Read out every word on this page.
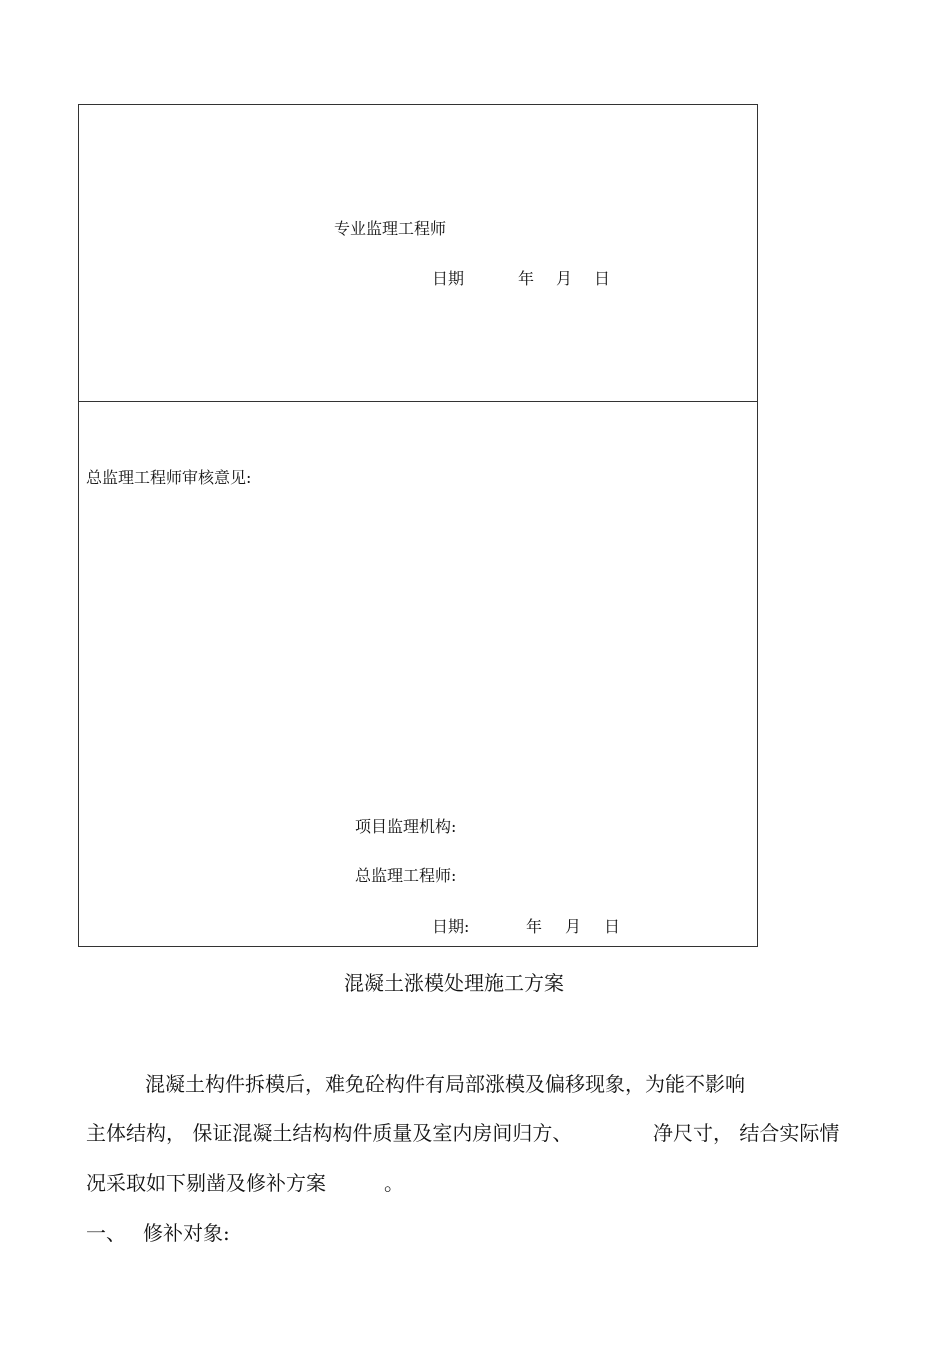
专业监理工程师
日期	年 月 日
总监理工程师审核意见:
项目监理机构:
总监理工程师:
日期:	年 月 日
混凝土涨模处理施工方案
混凝土构件拆模后，难免砼构件有局部涨模及偏移现象，为能不影响
主体结构， 保证混凝土结构构件质量及室内房间归方、	净尺寸， 结合实际情
况采取如下剔凿及修补方案	。
一、 修补对象:
